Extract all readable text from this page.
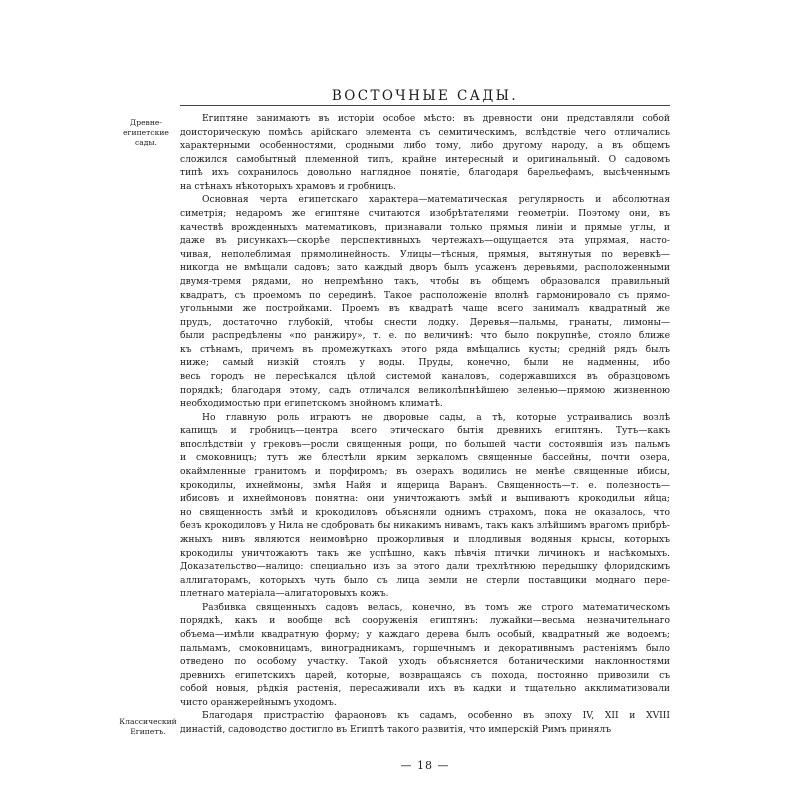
ВОСТОЧНЫЕ САДЫ.
Древне-египетские сады.
Классический Египетъ.
Египтяне занимаютъ въ исторіи особое мѣсто: въ древности они представляли собой
доисторическую помѣсь арійскаго элемента съ семитическимъ, вслѣдствіе чего отличались
характерными особенностями, сродными либо тому, либо другому народу, а въ общемъ
сложился самобытный племенной типъ, крайне интересный и оригинальный. О садовомъ
типѣ ихъ сохранилось довольно наглядное понятіе, благодаря барельефамъ, высѣченнымъ
на стѣнахъ нѣкоторыхъ храмовъ и гробницъ.
Основная черта египетскаго характера—математическая регулярность и абсолютная
симетрія; недаромъ же египтяне считаются изобрѣтателями геометріи. Поэтому они, въ
качествѣ врожденныхъ математиковъ, признавали только прямыя линіи и прямые углы, и
даже въ рисункахъ—скорѣе перспективныхъ чертежахъ—ощущается эта упрямая, насто-
чивая, неполеблимая прямолинейность. Улицы—тѣсныя, прямыя, вытянутыя по веревкѣ—
никогда не вмѣщали садовъ; зато каждый дворъ былъ усаженъ деревьями, расположенными
двумя-тремя рядами, но непремѣнно такъ, чтобы въ общемъ образовался правильный
квадратъ, съ проемомъ по серединѣ. Такое расположеніе вполнѣ гармонировало съ прямо-
угольными же постройками. Проемъ въ квадратѣ чаще всего занималъ квадратный же
прудъ, достаточно глубокій, чтобы снести лодку. Деревья—пальмы, гранаты, лимоны—
были распредѣлены «по ранжиру», т. е. по величинѣ: что было покрупнѣе, стояло ближе
къ стѣнамъ, причемъ въ промежуткахъ этого ряда вмѣщались кусты; средній рядъ былъ
ниже; самый низкій стоялъ у воды. Пруды, конечно, были не надменны, ибо
весь городъ не пересѣкался цѣлой системой каналовъ, содержавшихся въ образцовомъ
порядкѣ; благодаря этому, садъ отличался великолѣпнѣйшею зеленью—прямою жизненною
необходимостью при египетскомъ знойномъ климатѣ.
Но главную роль играютъ не дворовые сады, а тѣ, которые устраивались возлѣ
капищъ и гробницъ—центра всего этическаго бытія древнихъ египтянъ. Тутъ—какъ
впослѣдствіи у грековъ—росли священныя рощи, по большей части состоявшія изъ пальмъ
и смоковницъ; тутъ же блестѣли ярким зеркаломъ священные бассейны, почти озера,
окаймленные гранитомъ и порфиромъ; въ озерахъ водились не менѣе священные ибисы,
крокодилы, ихнеймоны, змѣя Найя и ящерица Варанъ. Священность—т. е. полезность—
ибисовъ и ихнеймоновъ понятна: они уничтожаютъ змѣй и выпиваютъ крокодильи яйца;
но священность змѣй и крокодиловъ объясняли однимъ страхомъ, пока не оказалось, что
безъ крокодиловъ у Нила не сдобровать бы никакимъ нивамъ, такъ какъ злѣйшимъ врагомъ прибрѣ-
жныхъ нивъ являются неимовѣрно прожорливыя и плодливыя водяныя крысы, которыхъ
крокодилы уничтожаютъ такъ же успѣшно, какъ пѣвчія птички личинокъ и насѣкомыхъ.
Доказательство—налицо: специально изъ за этого дали трехлѣтнюю передышку флоридскимъ
аллигаторамъ, которыхъ чуть было съ лица земли не стерли поставщики моднаго пере-
плетнаго матеріала—алигаторовыхъ кожъ.
Разбивка священныхъ садовъ велась, конечно, въ томъ же строго математическомъ
порядкѣ, какъ и вообще всѣ сооруженія египтянъ: лужайки—весьма незначительнаго
объема—имѣли квадратную форму; у каждаго дерева былъ особый, квадратный же водоемъ;
пальмамъ, смоковницамъ, виноградникамъ, горшечнымъ и декоративнымъ растеніямъ было
отведено по особому участку. Такой уходъ объясняется ботаническими наклонностями
древнихъ египетскихъ царей, которые, возвращаясь съ похода, постоянно привозили съ
собой новыя, рѣдкія растенія, пересаживали ихъ въ кадки и тщательно акклиматизовали
чисто оранжерейнымъ уходомъ.
Благодаря пристрастію фараоновъ къ садамъ, особенно въ эпоху IV, XII и XVIII
династій, садоводство достигло въ Египтѣ такого развитія, что имперскій Римъ принялъ
— 18 —
